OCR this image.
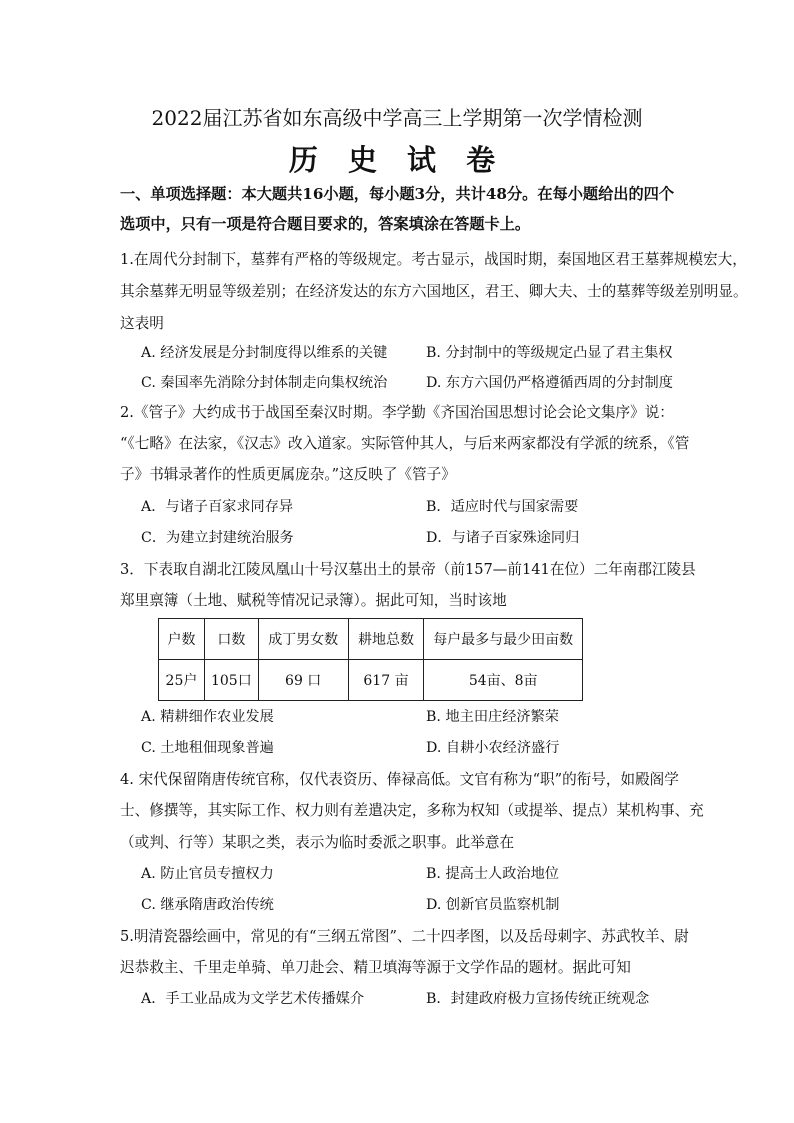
2022届江苏省如东高级中学高三上学期第一次学情检测
历 史 试 卷
一、单项选择题：本大题共16小题，每小题3分，共计48分。在每小题给出的四个
选项中，只有一项是符合题目要求的，答案填涂在答题卡上。
1.在周代分封制下，墓葬有严格的等级规定。考古显示，战国时期，秦国地区君王墓葬规模宏大，
其余墓葬无明显等级差别；在经济发达的东方六国地区，君王、卿大夫、士的墓葬等级差别明显。
这表明
A. 经济发展是分封制度得以维系的关键	B. 分封制中的等级规定凸显了君主集权
C. 秦国率先消除分封体制走向集权统治	D. 东方六国仍严格遵循西周的分封制度
2.《管子》大约成书于战国至秦汉时期。李学勤《齐国治国思想讨论会论文集序》说：
“《七略》在法家，《汉志》改入道家。实际管仲其人，与后来两家都没有学派的统系，《管
子》书辑录著作的性质更属庞杂。”这反映了《管子》
A．与诸子百家求同存异	B．适应时代与国家需要
C．为建立封建统治服务	D．与诸子百家殊途同归
3．下表取自湖北江陵凤凰山十号汉墓出土的景帝（前157—前141在位）二年南郡江陵县
郑里禀簿（土地、赋税等情况记录簿）。据此可知，当时该地
户数	口数	成丁男女数	耕地总数	每户最多与最少田亩数
25户	105口	69 口	617 亩	54亩、8亩
A. 精耕细作农业发展	B. 地主田庄经济繁荣
C. 土地租佃现象普遍	D. 自耕小农经济盛行
4. 宋代保留隋唐传统官称，仅代表资历、俸禄高低。文官有称为“职”的衔号，如殿阁学
士、修撰等，其实际工作、权力则有差遣决定，多称为权知（或提举、提点）某机构事、充
（或判、行等）某职之类，表示为临时委派之职事。此举意在
A. 防止官员专擅权力	B. 提高士人政治地位
C. 继承隋唐政治传统	D. 创新官员监察机制
5.明清瓷器绘画中，常见的有“三纲五常图”、二十四孝图，以及岳母刺字、苏武牧羊、尉
迟恭救主、千里走单骑、单刀赴会、精卫填海等源于文学作品的题材。据此可知
A．手工业品成为文学艺术传播媒介	B．封建政府极力宣扬传统正统观念
